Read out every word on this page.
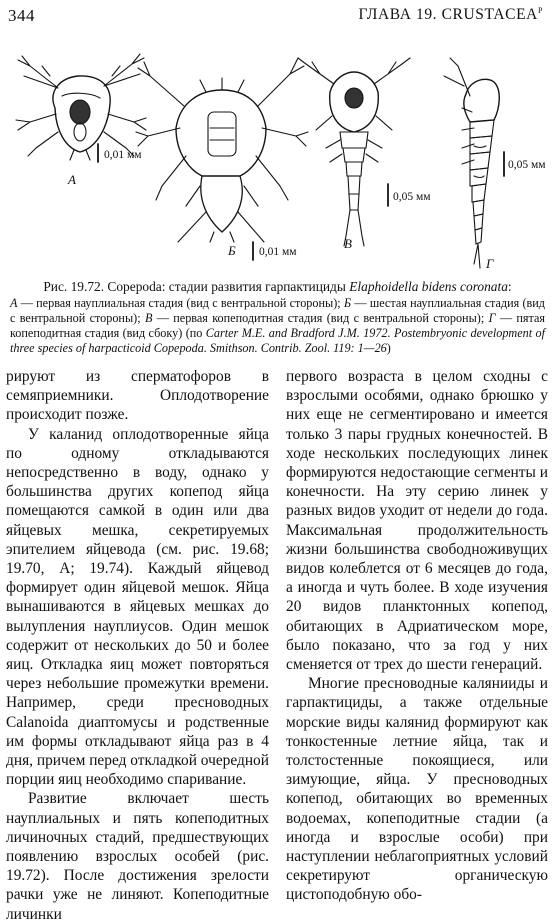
344	ГЛАВА 19. $CRUSTACEA^P$
0,01 мм
А
0,01 мм
Б
0,05 мм
В
0,05 мм
Г
Рис. 19.72. Copepoda: стадии развития гарпактициды Elaphoidella bidens coronata:
А — первая науплиальная стадия (вид с вентральной стороны); Б — шестая науплиальная стадия (вид с вентральной стороны); В — первая копеподитная стадия (вид с вентральной стороны); Г — пятая копеподитная стадия (вид сбоку) (по Carter M.E. and Bradford J.M. 1972. Postembryonic development of three species of harpacticoid Copepoda. Smithson. Contrib. Zool. 119: 1—26)

рируют из сперматофоров в семяприемники. Оплодотворение происходит позже.

У каланид оплодотворенные яйца по одному откладываются непосредственно в воду, однако у большинства других копепод яйца помещаются самкой в один или два яйцевых мешка, секретируемых эпителием яйцевода (см. рис. 19.68; 19.70, А; 19.74). Каждый яйцевод формирует один яйцевой мешок. Яйца вынашиваются в яйцевых мешках до вылупления науплиусов. Один мешок содержит от нескольких до 50 и более яиц. Откладка яиц может повторяться через небольшие промежутки времени. Например, среди пресноводных Calanoida диаптомусы и родственные им формы откладывают яйца раз в 4 дня, причем перед откладкой очередной порции яиц необходимо спаривание.

Развитие включает шесть науплиальных и пять копеподитных личиночных стадий, предшествующих появлению взрослых особей (рис. 19.72). После достижения зрелости рачки уже не линяют. Копеподитные личинки

первого возраста в целом сходны с взрослыми особями, однако брюшко у них еще не сегментировано и имеется только 3 пары грудных конечностей. В ходе нескольких последующих линек формируются недостающие сегменты и конечности. На эту серию линек у разных видов уходит от недели до года. Максимальная продолжительность жизни большинства свободноживущих видов колеблется от 6 месяцев до года, а иногда и чуть более. В ходе изучения 20 видов планктонных копепод, обитающих в Адриатическом море, было показано, что за год у них сменяется от трех до шести генераций.

Многие пресноводные калянииды и гарпактициды, а также отдельные морские виды калянид формируют как тонкостенные летние яйца, так и толстостенные покоящиеся, или зимующие, яйца. У пресноводных копепод, обитающих во временных водоемах, копеподитные стадии (а иногда и взрослые особи) при наступлении неблагоприятных условий секретируют органическую цистоподобную обо-
